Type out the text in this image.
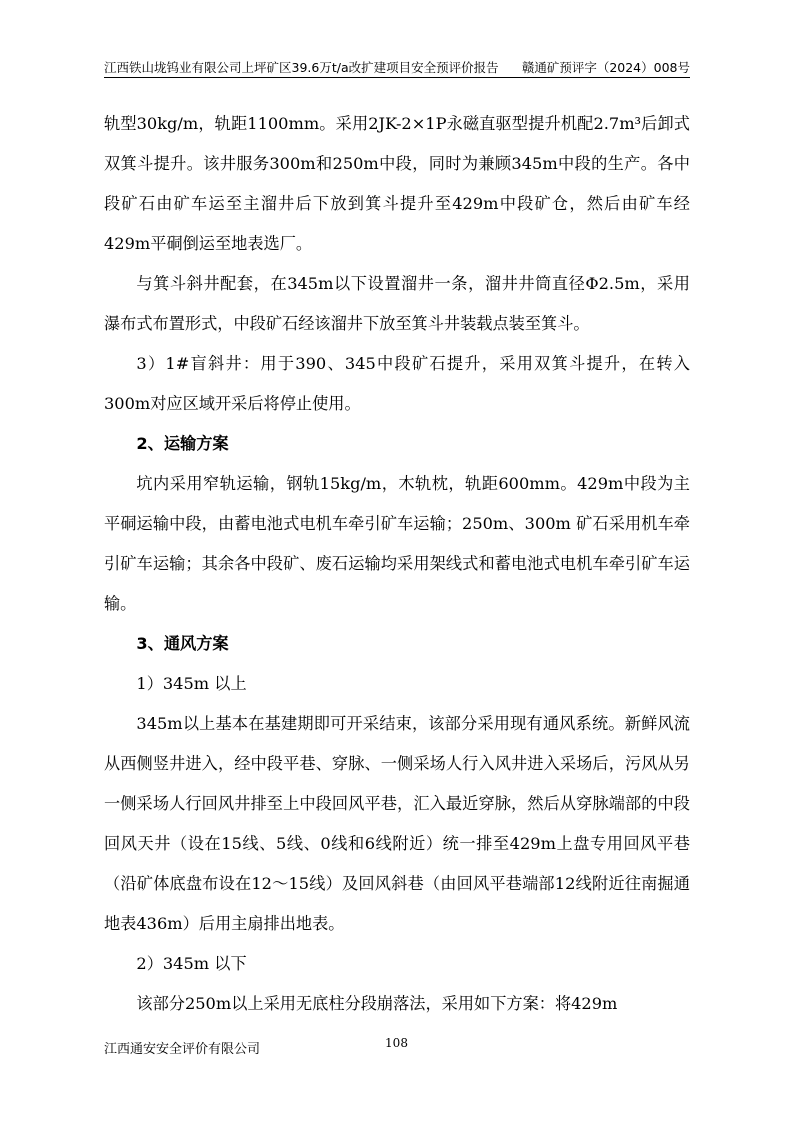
江西铁山垅钨业有限公司上坪矿区39.6万t/a改扩建项目安全预评价报告 赣通矿预评字（2024）008号

轨型30kg/m，轨距1100mm。采用2JK-2×1P永磁直驱型提升机配2.7m³后卸式双箕斗提升。该井服务300m和250m中段，同时为兼顾345m中段的生产。各中段矿石由矿车运至主溜井后下放到箕斗提升至429m中段矿仓，然后由矿车经429m平硐倒运至地表选厂。

与箕斗斜井配套，在345m以下设置溜井一条，溜井井筒直径Φ2.5m，采用瀑布式布置形式，中段矿石经该溜井下放至箕斗井装载点装至箕斗。

3）1#盲斜井：用于390、345中段矿石提升，采用双箕斗提升，在转入300m对应区域开采后将停止使用。

2、运输方案

坑内采用窄轨运输，钢轨15kg/m，木轨枕，轨距600mm。429m中段为主平硐运输中段，由蓄电池式电机车牵引矿车运输；250m、300m 矿石采用机车牵引矿车运输；其余各中段矿、废石运输均采用架线式和蓄电池式电机车牵引矿车运输。

3、通风方案

1）345m 以上

345m以上基本在基建期即可开采结束，该部分采用现有通风系统。新鲜风流从西侧竖井进入，经中段平巷、穿脉、一侧采场人行入风井进入采场后，污风从另一侧采场人行回风井排至上中段回风平巷，汇入最近穿脉，然后从穿脉端部的中段回风天井（设在15线、5线、0线和6线附近）统一排至429m上盘专用回风平巷（沿矿体底盘布设在12～15线）及回风斜巷（由回风平巷端部12线附近往南掘通地表436m）后用主扇排出地表。

2）345m 以下

该部分250m以上采用无底柱分段崩落法，采用如下方案：将429m

江西通安安全评价有限公司	108
